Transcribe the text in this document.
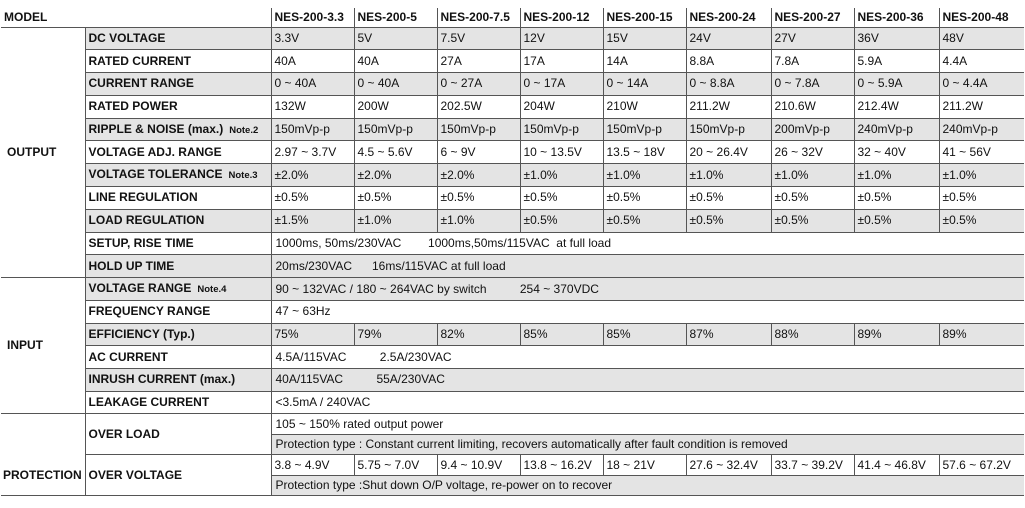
MODEL		NES-200-3.3	NES-200-5	NES-200-7.5	NES-200-12	NES-200-15	NES-200-24	NES-200-27	NES-200-36	NES-200-48
OUTPUT	DC VOLTAGE	3.3V	5V	7.5V	12V	15V	24V	27V	36V	48V
	RATED CURRENT	40A	40A	27A	17A	14A	8.8A	7.8A	5.9A	4.4A
	CURRENT RANGE	0 ~ 40A	0 ~ 40A	0 ~ 27A	0 ~ 17A	0 ~ 14A	0 ~ 8.8A	0 ~ 7.8A	0 ~ 5.9A	0 ~ 4.4A
	RATED POWER	132W	200W	202.5W	204W	210W	211.2W	210.6W	212.4W	211.2W
	RIPPLE & NOISE (max.) Note.2	150mVp-p	150mVp-p	150mVp-p	150mVp-p	150mVp-p	150mVp-p	200mVp-p	240mVp-p	240mVp-p
	VOLTAGE ADJ. RANGE	2.97 ~ 3.7V	4.5 ~ 5.6V	6 ~ 9V	10 ~ 13.5V	13.5 ~ 18V	20 ~ 26.4V	26 ~ 32V	32 ~ 40V	41 ~ 56V
	VOLTAGE TOLERANCE Note.3	±2.0%	±2.0%	±2.0%	±1.0%	±1.0%	±1.0%	±1.0%	±1.0%	±1.0%
	LINE REGULATION	±0.5%	±0.5%	±0.5%	±0.5%	±0.5%	±0.5%	±0.5%	±0.5%	±0.5%
	LOAD REGULATION	±1.5%	±1.0%	±1.0%	±0.5%	±0.5%	±0.5%	±0.5%	±0.5%	±0.5%
	SETUP, RISE TIME	1000ms, 50ms/230VAC        1000ms,50ms/115VAC  at full load								
	HOLD UP TIME	20ms/230VAC      16ms/115VAC at full load								
INPUT	VOLTAGE RANGE Note.4	90 ~ 132VAC / 180 ~ 264VAC by switch          254 ~ 370VDC								
	FREQUENCY RANGE	47 ~ 63Hz								
	EFFICIENCY (Typ.)	75%	79%	82%	85%	85%	87%	88%	89%	89%
	AC CURRENT	4.5A/115VAC          2.5A/230VAC								
	INRUSH CURRENT (max.)	40A/115VAC          55A/230VAC								
	LEAKAGE CURRENT	<3.5mA / 240VAC								
PROTECTION	OVER LOAD	105 ~ 150% rated output power								
		Protection type : Constant current limiting, recovers automatically after fault condition is removed								
	OVER VOLTAGE	3.8 ~ 4.9V	5.75 ~ 7.0V	9.4 ~ 10.9V	13.8 ~ 16.2V	18 ~ 21V	27.6 ~ 32.4V	33.7 ~ 39.2V	41.4 ~ 46.8V	57.6 ~ 67.2V
		Protection type :Shut down O/P voltage, re-power on to recover								
